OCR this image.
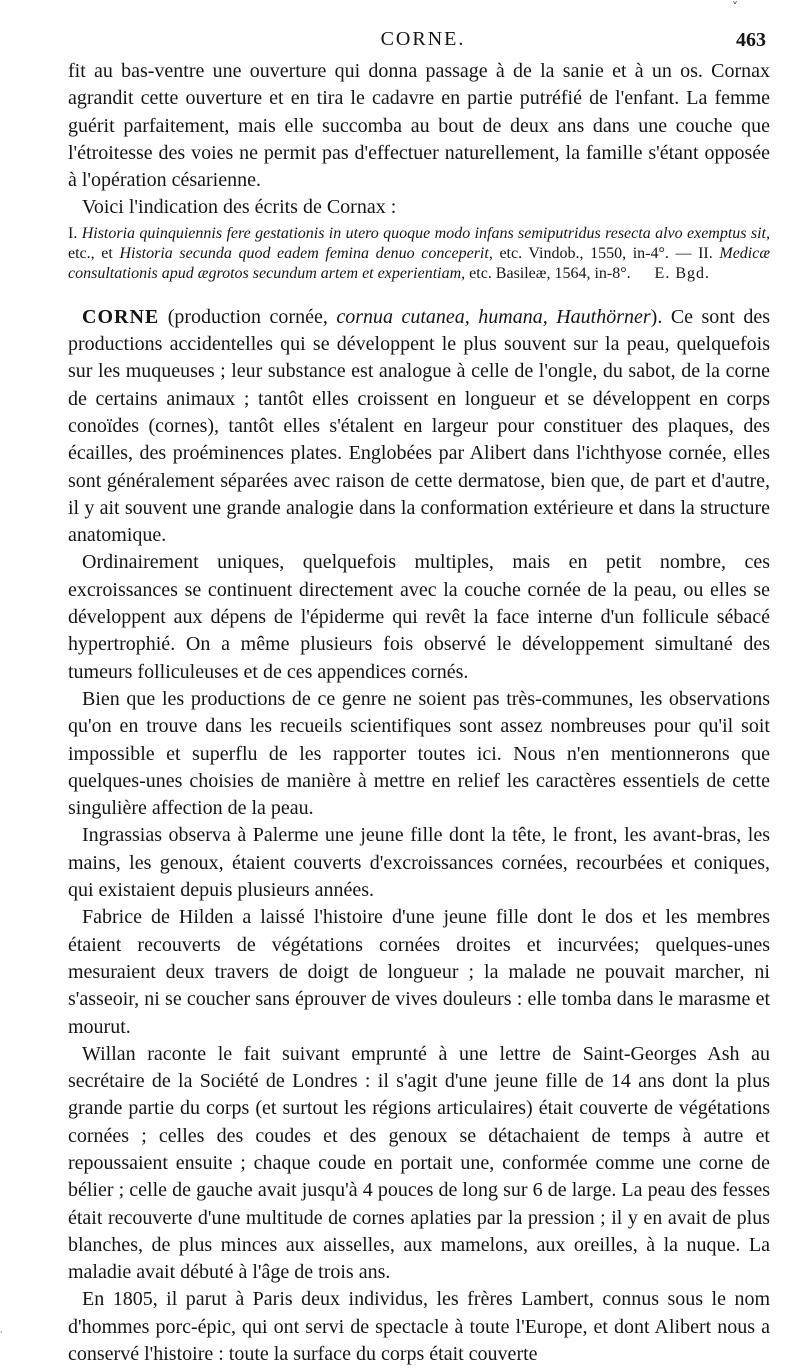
˅
CORNE.	463

fit au bas-ventre une ouverture qui donna passage à de la sanie et à un os. Cornax agrandit cette ouverture et en tira le cadavre en partie putréfié de l'enfant. La femme guérit parfaitement, mais elle succomba au bout de deux ans dans une couche que l'étroitesse des voies ne permit pas d'effectuer naturellement, la famille s'étant opposée à l'opération césarienne.

Voici l'indication des écrits de Cornax :

I. Historia quinquiennis fere gestationis in utero quoque modo infans semiputridus resecta alvo exemptus sit, etc., et Historia secunda quod eadem femina denuo conceperit, etc. Vindob., 1550, in-4°. — II. Medicæ consultationis apud ægrotos secundum artem et experientiam, etc. Basileæ, 1564, in-8°. E. Bgd.

CORNE (production cornée, cornua cutanea, humana, Hauthörner). Ce sont des productions accidentelles qui se développent le plus souvent sur la peau, quelquefois sur les muqueuses ; leur substance est analogue à celle de l'ongle, du sabot, de la corne de certains animaux ; tantôt elles croissent en longueur et se développent en corps conoïdes (cornes), tantôt elles s'étalent en largeur pour constituer des plaques, des écailles, des proéminences plates. Englobées par Alibert dans l'ichthyose cornée, elles sont généralement séparées avec raison de cette dermatose, bien que, de part et d'autre, il y ait souvent une grande analogie dans la conformation extérieure et dans la structure anatomique.

Ordinairement uniques, quelquefois multiples, mais en petit nombre, ces excroissances se continuent directement avec la couche cornée de la peau, ou elles se développent aux dépens de l'épiderme qui revêt la face interne d'un follicule sébacé hypertrophié. On a même plusieurs fois observé le développement simultané des tumeurs folliculeuses et de ces appendices cornés.

Bien que les productions de ce genre ne soient pas très-communes, les observations qu'on en trouve dans les recueils scientifiques sont assez nombreuses pour qu'il soit impossible et superflu de les rapporter toutes ici. Nous n'en mentionnerons que quelques-unes choisies de manière à mettre en relief les caractères essentiels de cette singulière affection de la peau.

Ingrassias observa à Palerme une jeune fille dont la tête, le front, les avant-bras, les mains, les genoux, étaient couverts d'excroissances cornées, recourbées et coniques, qui existaient depuis plusieurs années.

Fabrice de Hilden a laissé l'histoire d'une jeune fille dont le dos et les membres étaient recouverts de végétations cornées droites et incurvées; quelques-unes mesuraient deux travers de doigt de longueur ; la malade ne pouvait marcher, ni s'asseoir, ni se coucher sans éprouver de vives douleurs : elle tomba dans le marasme et mourut.

Willan raconte le fait suivant emprunté à une lettre de Saint-Georges Ash au secrétaire de la Société de Londres : il s'agit d'une jeune fille de 14 ans dont la plus grande partie du corps (et surtout les régions articulaires) était couverte de végétations cornées ; celles des coudes et des genoux se détachaient de temps à autre et repoussaient ensuite ; chaque coude en portait une, conformée comme une corne de bélier ; celle de gauche avait jusqu'à 4 pouces de long sur 6 de large. La peau des fesses était recouverte d'une multitude de cornes aplaties par la pression ; il y en avait de plus blanches, de plus minces aux aisselles, aux mamelons, aux oreilles, à la nuque. La maladie avait débuté à l'âge de trois ans.

En 1805, il parut à Paris deux individus, les frères Lambert, connus sous le nom d'hommes porc-épic, qui ont servi de spectacle à toute l'Europe, et dont Alibert nous a conservé l'histoire : toute la surface du corps était couverte

·
